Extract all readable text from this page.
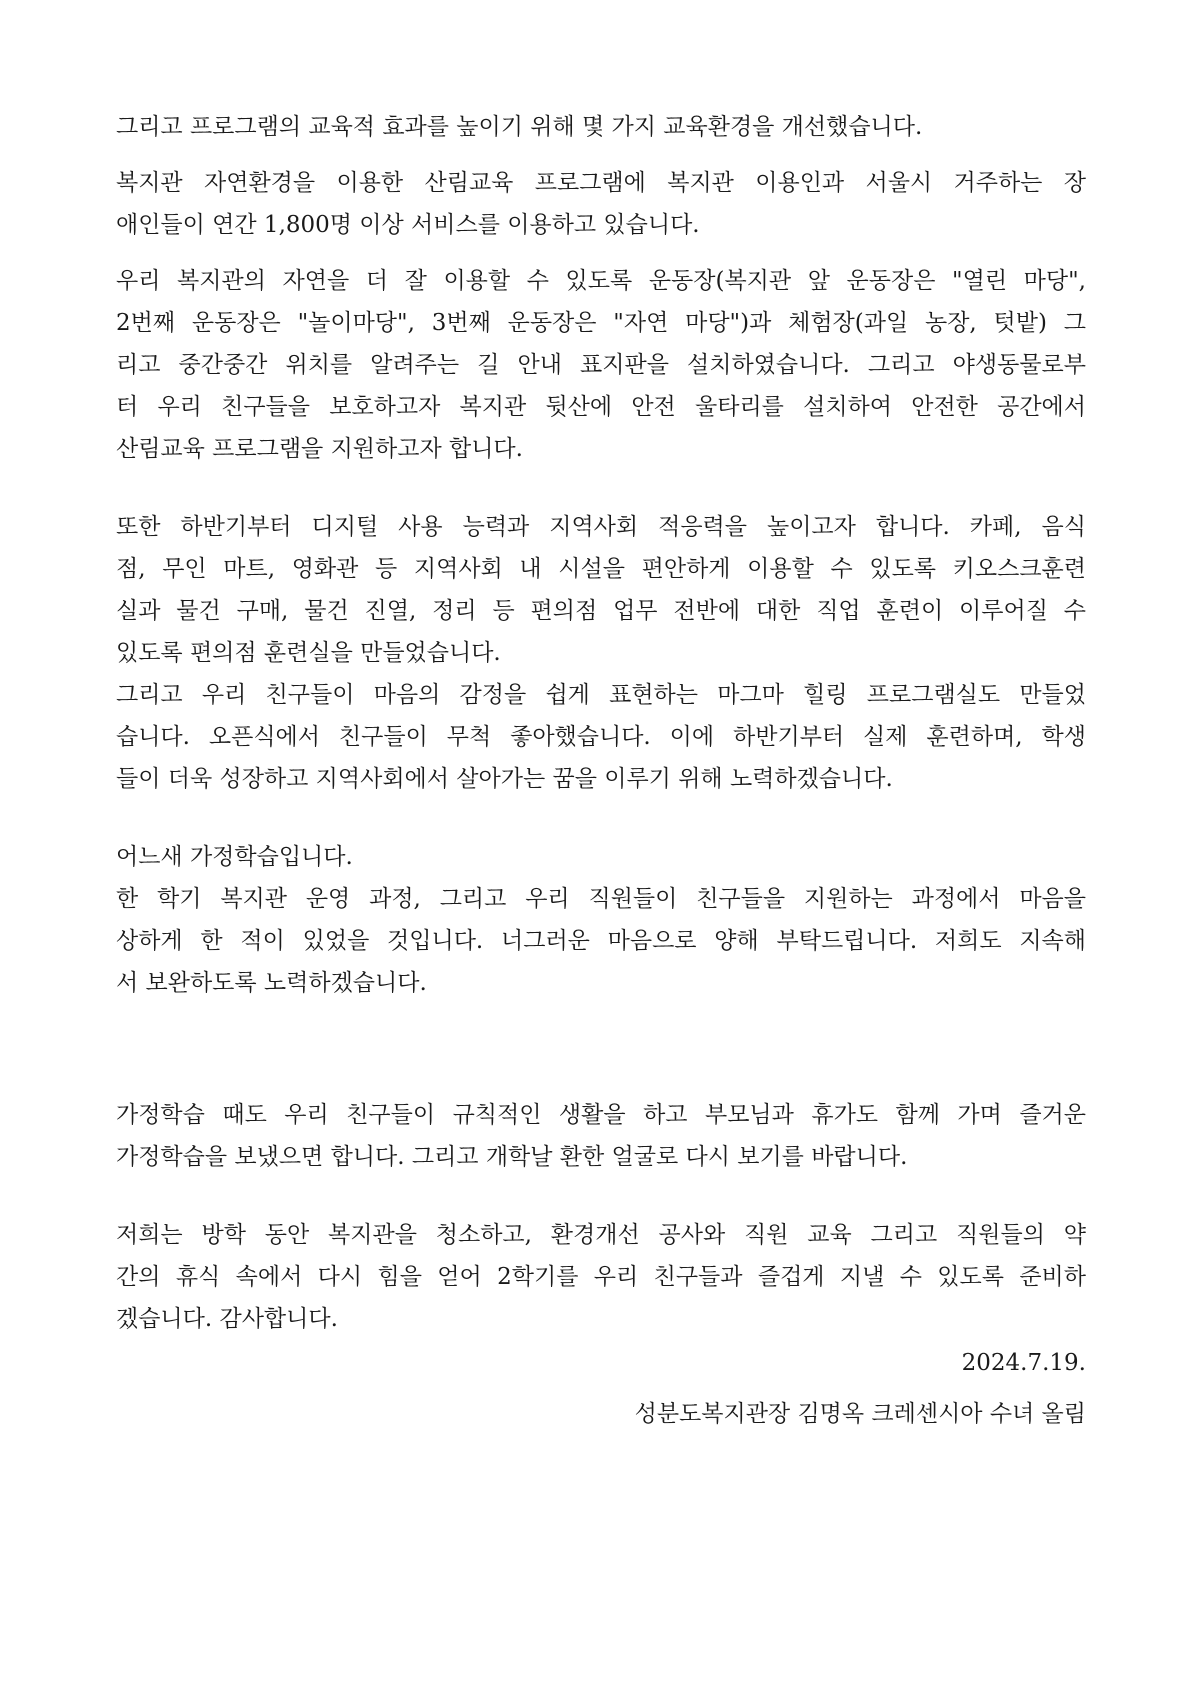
그리고 프로그램의 교육적 효과를 높이기 위해 몇 가지 교육환경을 개선했습니다.
복지관 자연환경을 이용한 산림교육 프로그램에 복지관 이용인과 서울시 거주하는 장
애인들이 연간 1,800명 이상 서비스를 이용하고 있습니다.
우리 복지관의 자연을 더 잘 이용할 수 있도록 운동장(복지관 앞 운동장은 "열린 마당",
2번째 운동장은 "놀이마당", 3번째 운동장은 "자연 마당")과 체험장(과일 농장, 텃밭) 그
리고 중간중간 위치를 알려주는 길 안내 표지판을 설치하였습니다. 그리고 야생동물로부
터 우리 친구들을 보호하고자 복지관 뒷산에 안전 울타리를 설치하여 안전한 공간에서
산림교육 프로그램을 지원하고자 합니다.
또한 하반기부터 디지털 사용 능력과 지역사회 적응력을 높이고자 합니다. 카페, 음식
점, 무인 마트, 영화관 등 지역사회 내 시설을 편안하게 이용할 수 있도록 키오스크훈련
실과 물건 구매, 물건 진열, 정리 등 편의점 업무 전반에 대한 직업 훈련이 이루어질 수
있도록 편의점 훈련실을 만들었습니다.
그리고 우리 친구들이 마음의 감정을 쉽게 표현하는 마그마 힐링 프로그램실도 만들었
습니다. 오픈식에서 친구들이 무척 좋아했습니다. 이에 하반기부터 실제 훈련하며, 학생
들이 더욱 성장하고 지역사회에서 살아가는 꿈을 이루기 위해 노력하겠습니다.
어느새 가정학습입니다.
한 학기 복지관 운영 과정, 그리고 우리 직원들이 친구들을 지원하는 과정에서 마음을
상하게 한 적이 있었을 것입니다. 너그러운 마음으로 양해 부탁드립니다. 저희도 지속해
서 보완하도록 노력하겠습니다.
가정학습 때도 우리 친구들이 규칙적인 생활을 하고 부모님과 휴가도 함께 가며 즐거운
가정학습을 보냈으면 합니다. 그리고 개학날 환한 얼굴로 다시 보기를 바랍니다.
저희는 방학 동안 복지관을 청소하고, 환경개선 공사와 직원 교육 그리고 직원들의 약
간의 휴식 속에서 다시 힘을 얻어 2학기를 우리 친구들과 즐겁게 지낼 수 있도록 준비하
겠습니다. 감사합니다.
2024.7.19.
성분도복지관장 김명옥 크레센시아 수녀 올림
